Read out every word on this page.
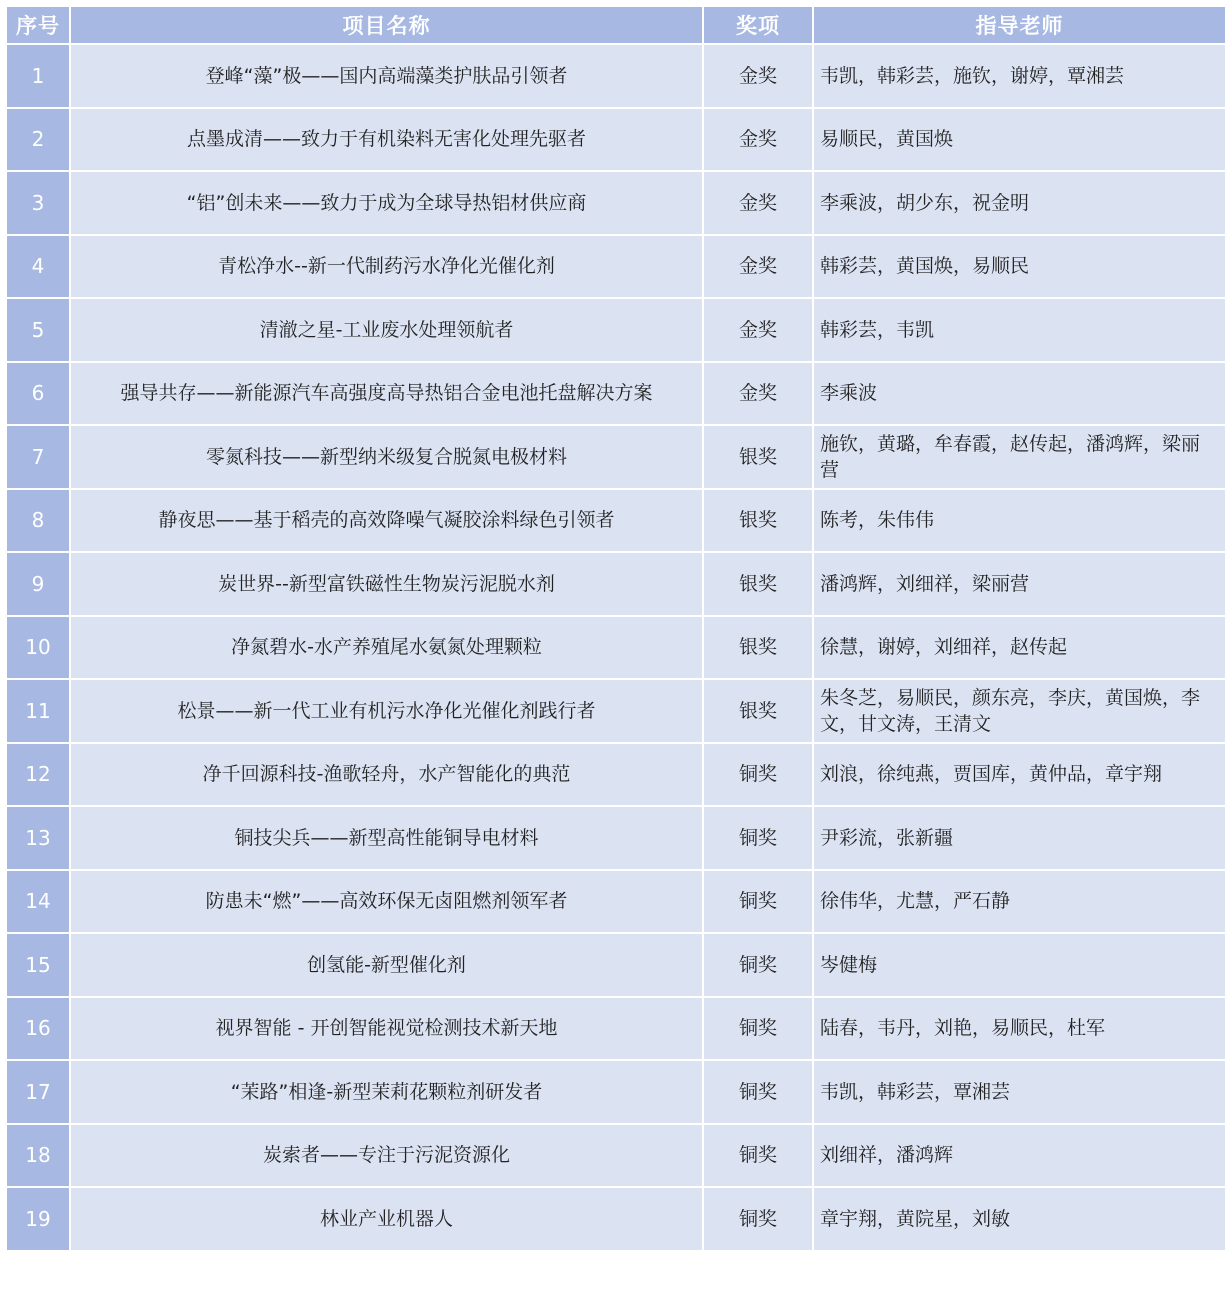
序号	项目名称	奖项	指导老师
1	登峰“藻”极——国内高端藻类护肤品引领者	金奖	韦凯，韩彩芸，施钦，谢婷，覃湘芸
2	点墨成清——致力于有机染料无害化处理先驱者	金奖	易顺民，黄国焕
3	“铝”创未来——致力于成为全球导热铝材供应商	金奖	李乘波，胡少东，祝金明
4	青松净水--新一代制药污水净化光催化剂	金奖	韩彩芸，黄国焕，易顺民
5	清澈之星-工业废水处理领航者	金奖	韩彩芸，韦凯
6	强导共存——新能源汽车高强度高导热铝合金电池托盘解决方案	金奖	李乘波
7	零氮科技——新型纳米级复合脱氮电极材料	银奖	施钦，黄璐，牟春霞，赵传起，潘鸿辉，梁丽营
8	静夜思——基于稻壳的高效降噪气凝胶涂料绿色引领者	银奖	陈考，朱伟伟
9	炭世界--新型富铁磁性生物炭污泥脱水剂	银奖	潘鸿辉，刘细祥，梁丽营
10	净氮碧水-水产养殖尾水氨氮处理颗粒	银奖	徐慧，谢婷，刘细祥，赵传起
11	松景——新一代工业有机污水净化光催化剂践行者	银奖	朱冬芝，易顺民，颜东亮，李庆，黄国焕，李文，甘文涛，王清文
12	净千回源科技-渔歌轻舟，水产智能化的典范	铜奖	刘浪，徐纯燕，贾国库，黄仲品，章宇翔
13	铜技尖兵——新型高性能铜导电材料	铜奖	尹彩流，张新疆
14	防患未“燃”——高效环保无卤阻燃剂领军者	铜奖	徐伟华，尤慧，严石静
15	创氢能-新型催化剂	铜奖	岑健梅
16	视界智能 - 开创智能视觉检测技术新天地	铜奖	陆春，韦丹，刘艳，易顺民，杜军
17	“茉路”相逢-新型茉莉花颗粒剂研发者	铜奖	韦凯，韩彩芸，覃湘芸
18	炭索者——专注于污泥资源化	铜奖	刘细祥，潘鸿辉
19	林业产业机器人	铜奖	章宇翔，黄院星，刘敏
